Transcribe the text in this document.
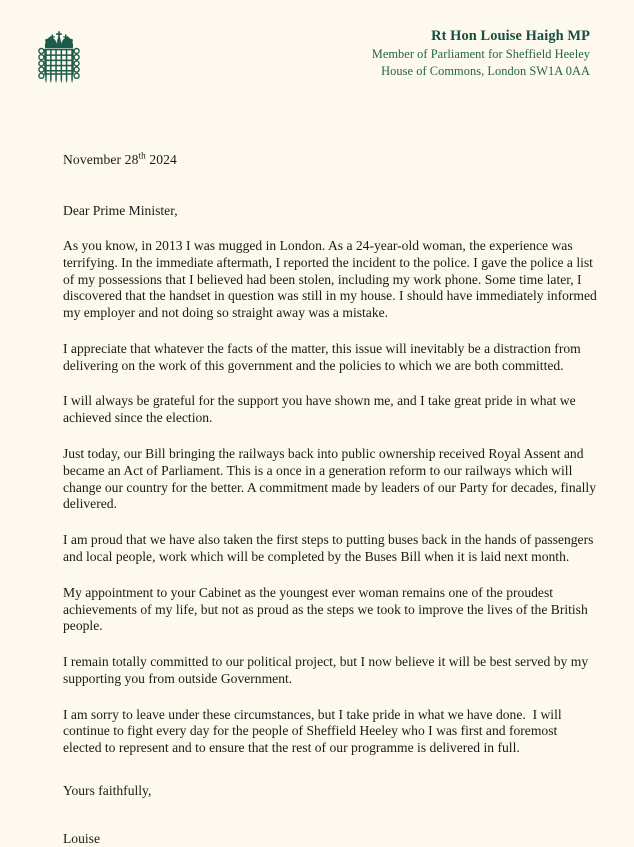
Rt Hon Louise Haigh MP
Member of Parliament for Sheffield Heeley
House of Commons, London SW1A 0AA
November 28th 2024
Dear Prime Minister,

As you know, in 2013 I was mugged in London. As a 24-year-old woman, the experience was terrifying. In the immediate aftermath, I reported the incident to the police. I gave the police a list of my possessions that I believed had been stolen, including my work phone. Some time later, I discovered that the handset in question was still in my house. I should have immediately informed my employer and not doing so straight away was a mistake.

I appreciate that whatever the facts of the matter, this issue will inevitably be a distraction from delivering on the work of this government and the policies to which we are both committed.

I will always be grateful for the support you have shown me, and I take great pride in what we achieved since the election.

Just today, our Bill bringing the railways back into public ownership received Royal Assent and became an Act of Parliament. This is a once in a generation reform to our railways which will change our country for the better. A commitment made by leaders of our Party for decades, finally delivered.

I am proud that we have also taken the first steps to putting buses back in the hands of passengers and local people, work which will be completed by the Buses Bill when it is laid next month.

My appointment to your Cabinet as the youngest ever woman remains one of the proudest achievements of my life, but not as proud as the steps we took to improve the lives of the British people.

I remain totally committed to our political project, but I now believe it will be best served by my supporting you from outside Government.

I am sorry to leave under these circumstances, but I take pride in what we have done.  I will continue to fight every day for the people of Sheffield Heeley who I was first and foremost elected to represent and to ensure that the rest of our programme is delivered in full.

Yours faithfully,
Louise
